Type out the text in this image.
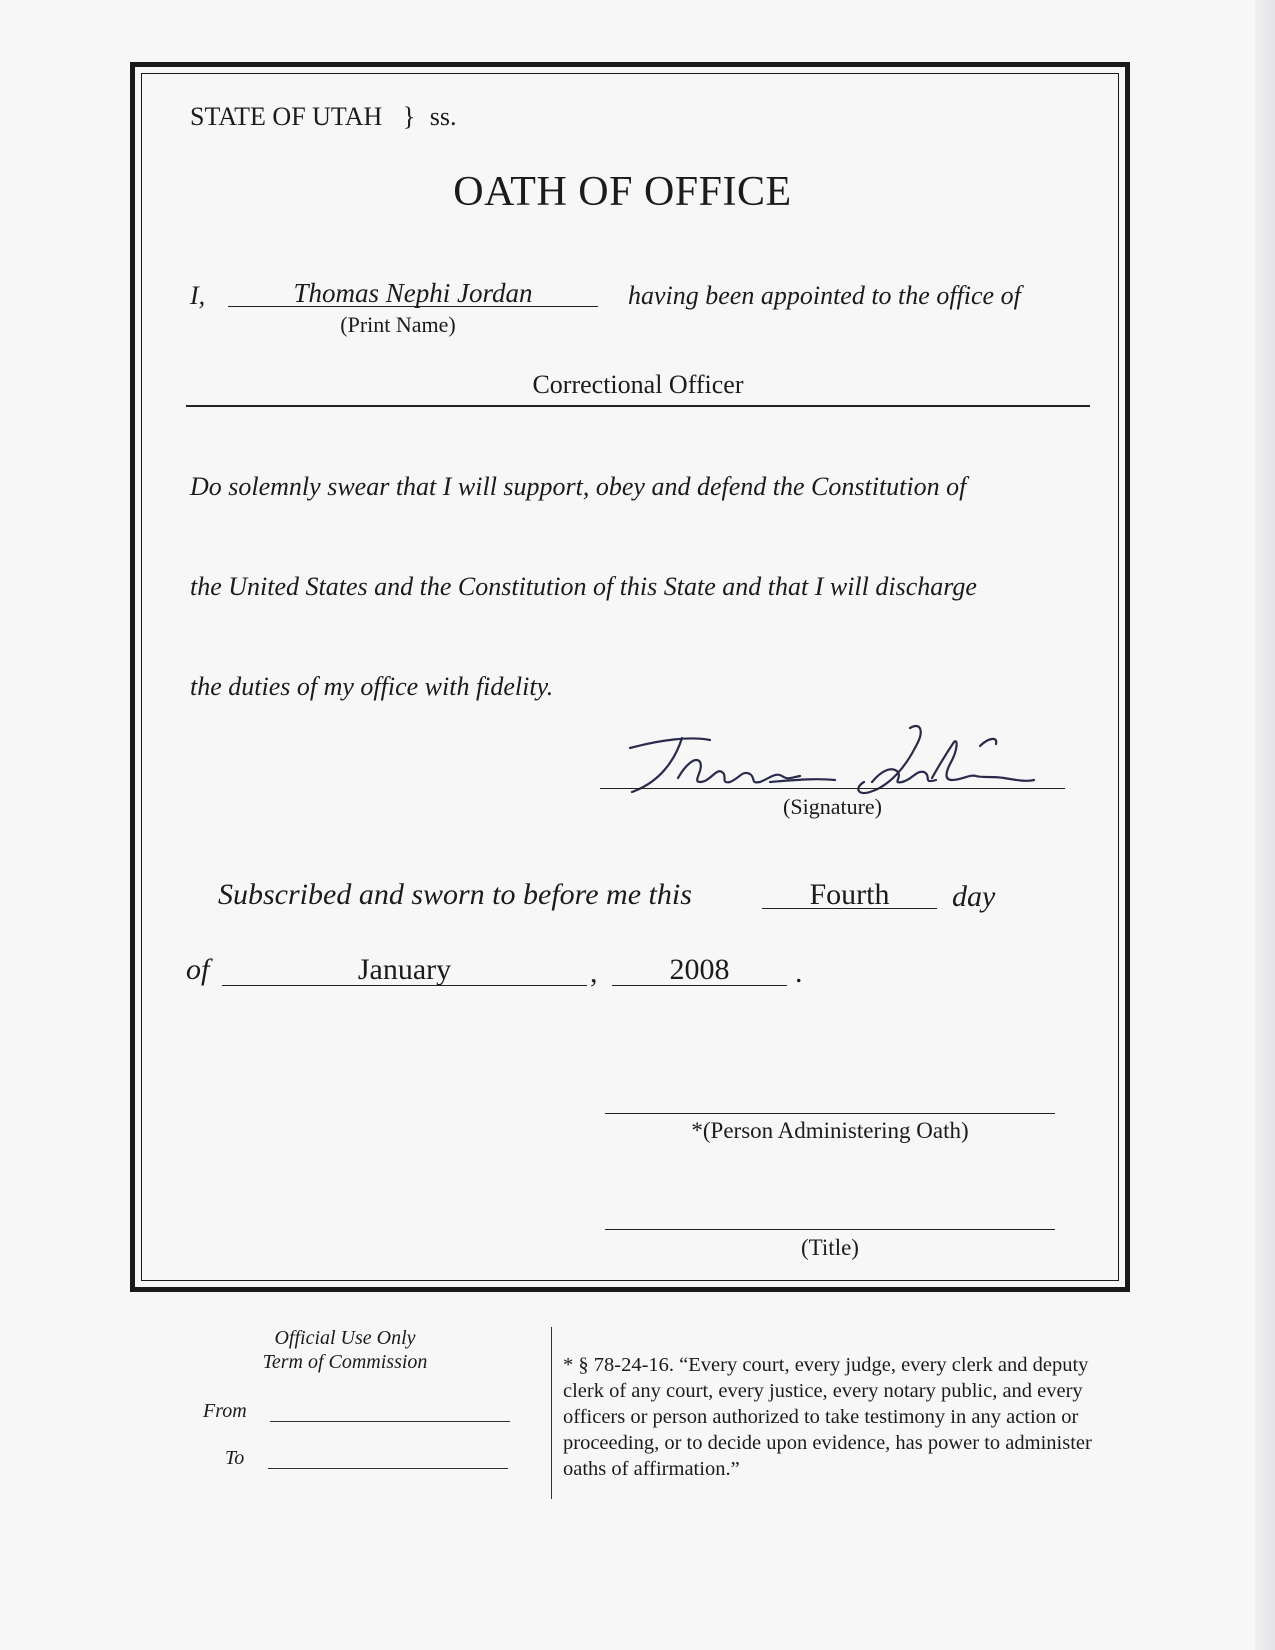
STATE OF UTAH } ss.
OATH OF OFFICE
I,	Thomas Nephi Jordan
(Print Name)
having been appointed to the office of
Correctional Officer
Do solemnly swear that I will support, obey and defend the Constitution of
the United States and the Constitution of this State and that I will discharge
the duties of my office with fidelity.
(Signature)
Subscribed and sworn to before me this	Fourth	day
of	January	,	2008	.
*(Person Administering Oath)
(Title)
Official Use Only
Term of Commission
From
To
* § 78-24-16. “Every court, every judge, every clerk and deputy clerk of any court, every justice, every notary public, and every officers or person authorized to take testimony in any action or proceeding, or to decide upon evidence, has power to administer oaths of affirmation.”
